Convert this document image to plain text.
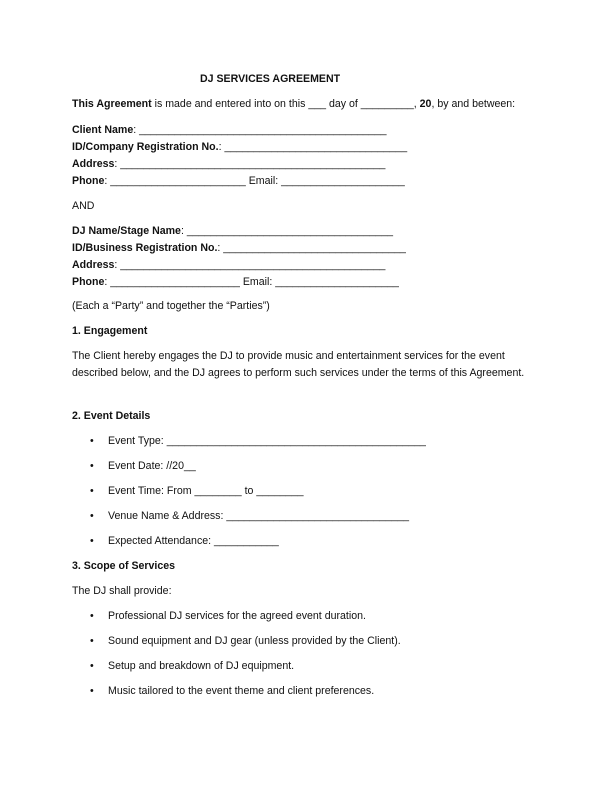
DJ SERVICES AGREEMENT
This Agreement is made and entered into on this ___ day of _________, 20, by and between:
Client Name: __________________________________________
ID/Company Registration No.: _______________________________
Address: _____________________________________________
Phone: _______________________ Email: _____________________
AND
DJ Name/Stage Name: ___________________________________
ID/Business Registration No.: _______________________________
Address: _____________________________________________
Phone: ______________________ Email: _____________________
(Each a “Party” and together the “Parties”)
1. Engagement
The Client hereby engages the DJ to provide music and entertainment services for the event described below, and the DJ agrees to perform such services under the terms of this Agreement.
2. Event Details
• Event Type: ____________________________________________
• Event Date: //20__
• Event Time: From ________ to ________
• Venue Name & Address: _______________________________
• Expected Attendance: ___________
3. Scope of Services
The DJ shall provide:
• Professional DJ services for the agreed event duration.
• Sound equipment and DJ gear (unless provided by the Client).
• Setup and breakdown of DJ equipment.
• Music tailored to the event theme and client preferences.
